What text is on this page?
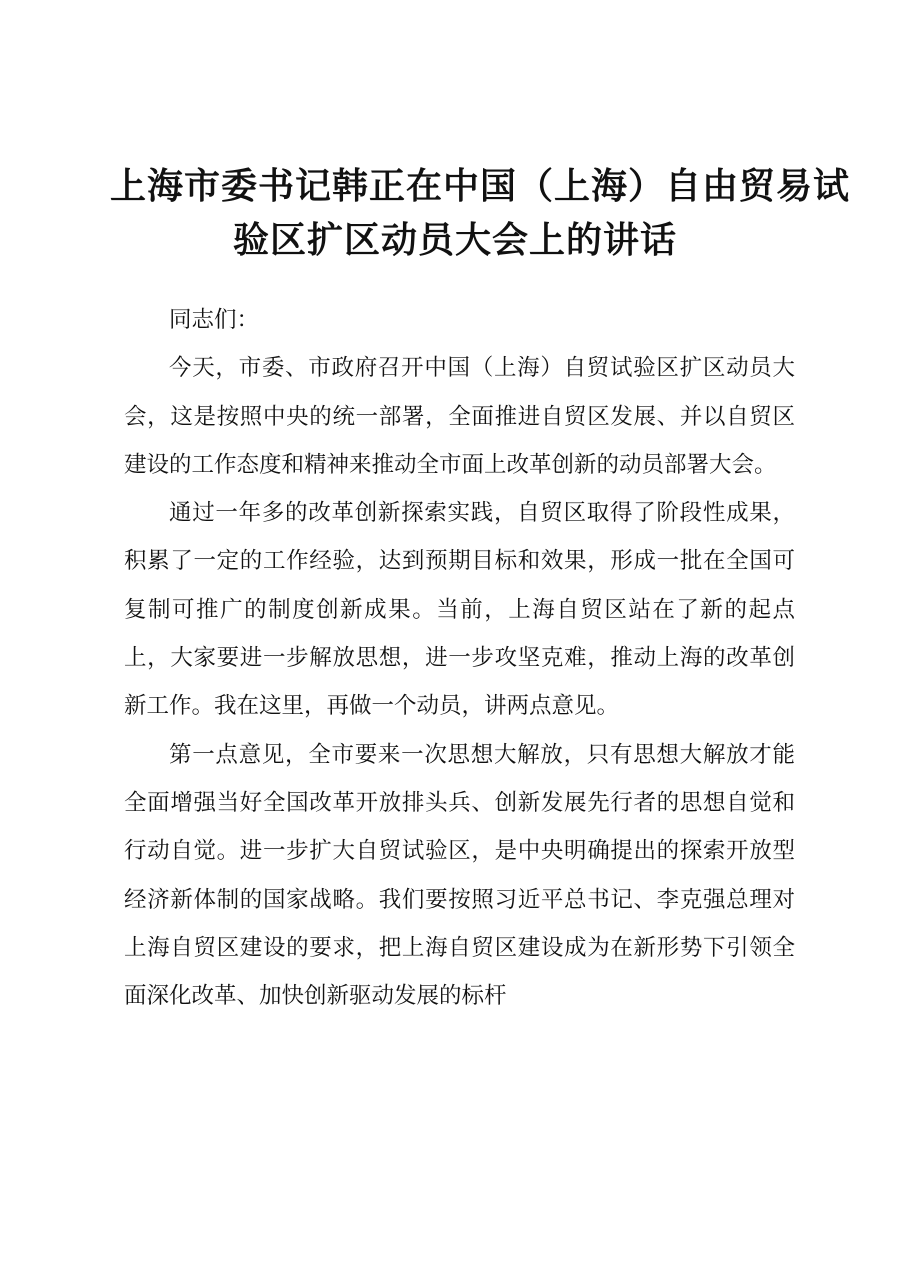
上海市委书记韩正在中国（上海）自由贸易试
验区扩区动员大会上的讲话

同志们：

今天，市委、市政府召开中国（上海）自贸试验区扩区动员大会，这是按照中央的统一部署，全面推进自贸区发展、并以自贸区建设的工作态度和精神来推动全市面上改革创新的动员部署大会。

通过一年多的改革创新探索实践，自贸区取得了阶段性成果，积累了一定的工作经验，达到预期目标和效果，形成一批在全国可复制可推广的制度创新成果。当前，上海自贸区站在了新的起点上，大家要进一步解放思想，进一步攻坚克难，推动上海的改革创新工作。我在这里，再做一个动员，讲两点意见。

第一点意见，全市要来一次思想大解放，只有思想大解放才能全面增强当好全国改革开放排头兵、创新发展先行者的思想自觉和行动自觉。进一步扩大自贸试验区，是中央明确提出的探索开放型经济新体制的国家战略。我们要按照习近平总书记、李克强总理对上海自贸区建设的要求，把上海自贸区建设成为在新形势下引领全面深化改革、加快创新驱动发展的标杆
